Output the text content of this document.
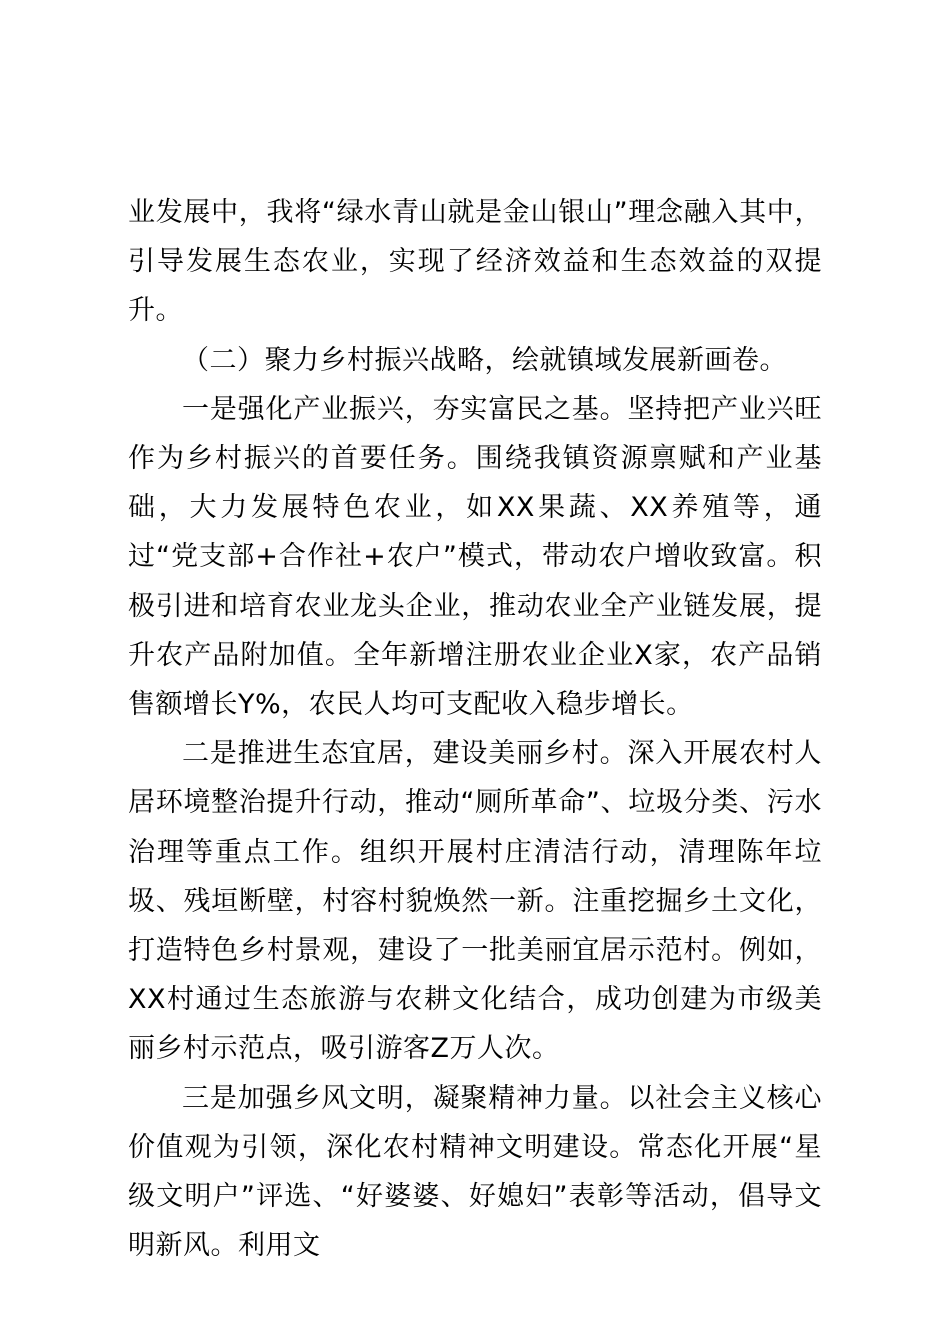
业发展中，我将“绿水青山就是金山银山”理念融入其中，引导发展生态农业，实现了经济效益和生态效益的双提升。

（二）聚力乡村振兴战略，绘就镇域发展新画卷。

一是强化产业振兴，夯实富民之基。坚持把产业兴旺作为乡村振兴的首要任务。围绕我镇资源禀赋和产业基础，大力发展特色农业，如XX果蔬、XX养殖等，通过“党支部+合作社+农户”模式，带动农户增收致富。积极引进和培育农业龙头企业，推动农业全产业链发展，提升农产品附加值。全年新增注册农业企业X家，农产品销售额增长Y%，农民人均可支配收入稳步增长。

二是推进生态宜居，建设美丽乡村。深入开展农村人居环境整治提升行动，推动“厕所革命”、垃圾分类、污水治理等重点工作。组织开展村庄清洁行动，清理陈年垃圾、残垣断壁，村容村貌焕然一新。注重挖掘乡土文化，打造特色乡村景观，建设了一批美丽宜居示范村。例如，XX村通过生态旅游与农耕文化结合，成功创建为市级美丽乡村示范点，吸引游客Z万人次。

三是加强乡风文明，凝聚精神力量。以社会主义核心价值观为引领，深化农村精神文明建设。常态化开展“星级文明户”评选、“好婆婆、好媳妇”表彰等活动，倡导文明新风。利用文
